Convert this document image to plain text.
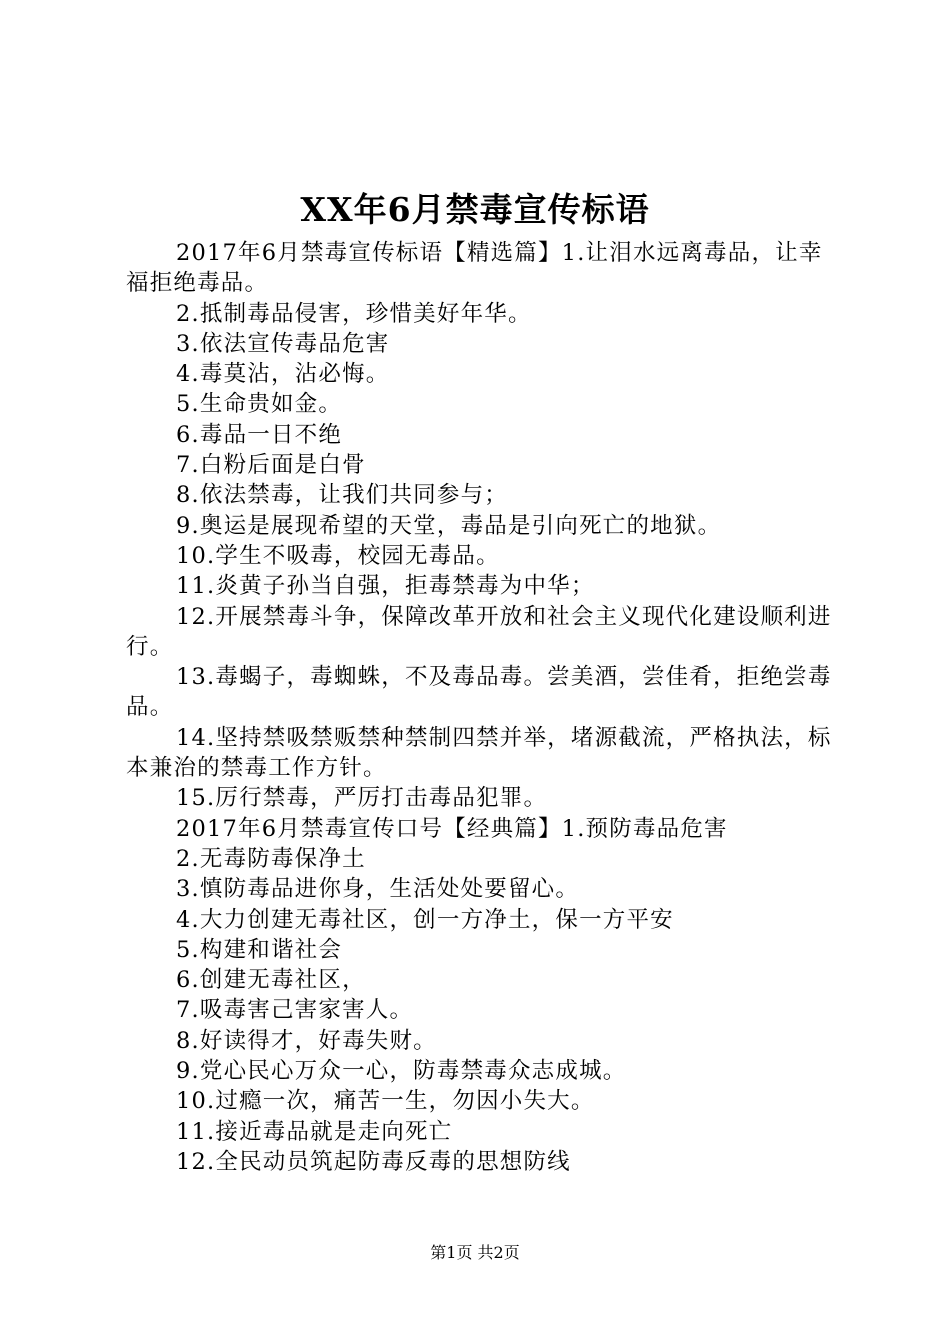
XX年6月禁毒宣传标语

2017年6月禁毒宣传标语【精选篇】1.让泪水远离毒品，让幸福拒绝毒品。

2.抵制毒品侵害，珍惜美好年华。

3.依法宣传毒品危害

4.毒莫沾，沾必悔。

5.生命贵如金。

6.毒品一日不绝

7.白粉后面是白骨

8.依法禁毒，让我们共同参与；

9.奥运是展现希望的天堂，毒品是引向死亡的地狱。

10.学生不吸毒，校园无毒品。

11.炎黄子孙当自强，拒毒禁毒为中华；

12.开展禁毒斗争，保障改革开放和社会主义现代化建设顺利进行。

13.毒蝎子，毒蜘蛛，不及毒品毒。尝美酒，尝佳肴，拒绝尝毒品。

14.坚持禁吸禁贩禁种禁制四禁并举，堵源截流，严格执法，标本兼治的禁毒工作方针。

15.厉行禁毒，严厉打击毒品犯罪。

2017年6月禁毒宣传口号【经典篇】1.预防毒品危害

2.无毒防毒保净土

3.慎防毒品进你身，生活处处要留心。

4.大力创建无毒社区，创一方净土，保一方平安

5.构建和谐社会

6.创建无毒社区，

7.吸毒害己害家害人。

8.好读得才，好毒失财。

9.党心民心万众一心，防毒禁毒众志成城。

10.过瘾一次，痛苦一生，勿因小失大。

11.接近毒品就是走向死亡

12.全民动员筑起防毒反毒的思想防线

第1页 共2页
